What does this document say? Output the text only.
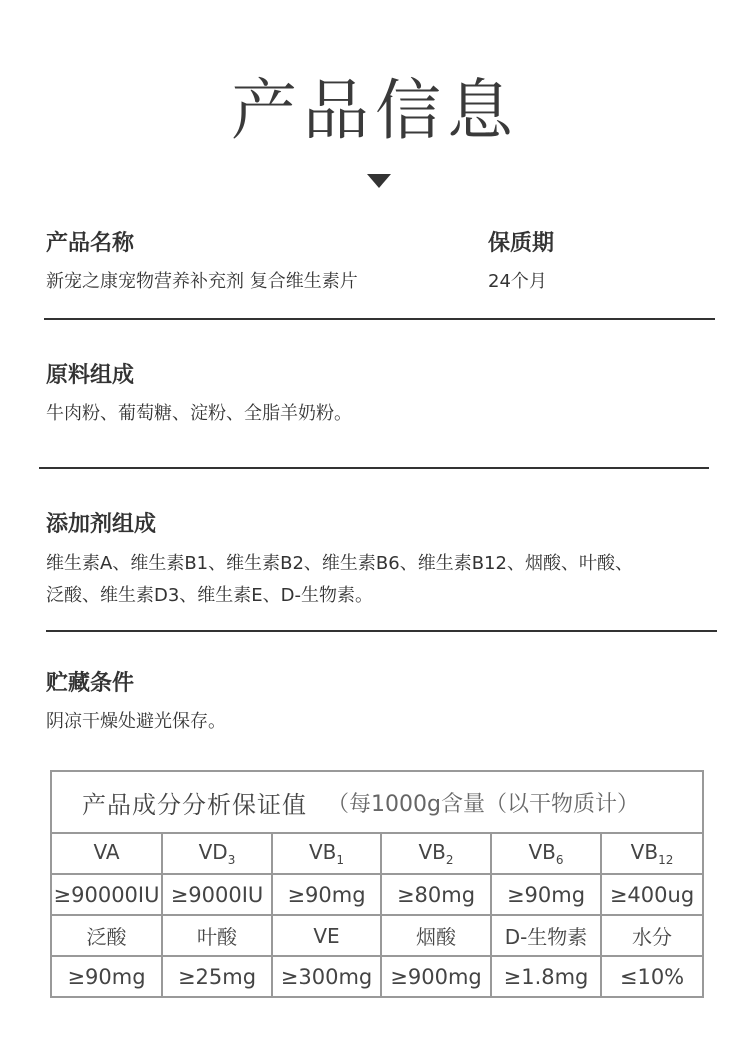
产品信息
产品名称
新宠之康宠物营养补充剂 复合维生素片
保质期
24个月
原料组成
牛肉粉、葡萄糖、淀粉、全脂羊奶粉。
添加剂组成
维生素A、维生素B1、维生素B2、维生素B6、维生素B12、烟酸、叶酸、
泛酸、维生素D3、维生素E、D-生物素。
贮藏条件
阴凉干燥处避光保存。
产品成分分析保证值 （每1000g含量（以干物质计）
VA	$VD_3$	$VB_1$	$VB_2$	$VB_6$	$VB_{12}$
≥90000IU	≥9000IU	≥90mg	≥80mg	≥90mg	≥400ug
泛酸	叶酸	VE	烟酸	D-生物素	水分
≥90mg	≥25mg	≥300mg	≥900mg	≥1.8mg	≤10%
